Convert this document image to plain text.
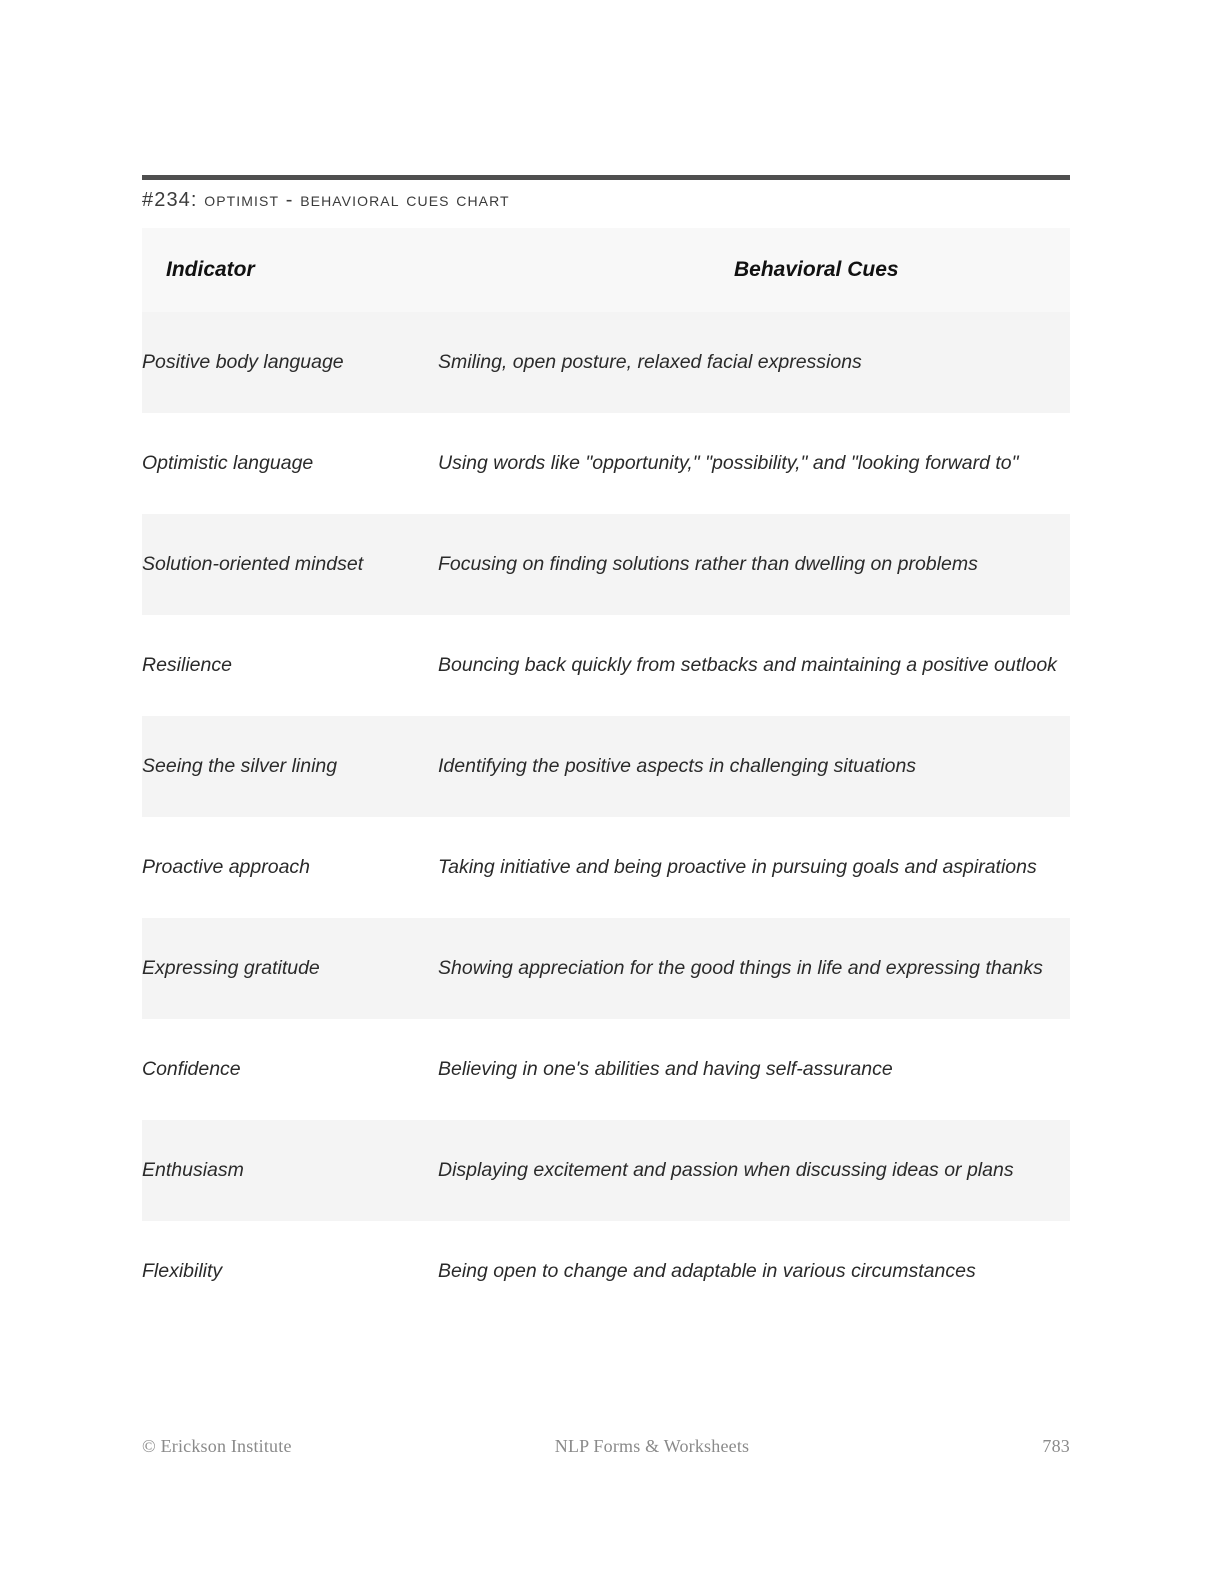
#234: optimist - behavioral cues chart
Indicator	Behavioral Cues
Positive body language	Smiling, open posture, relaxed facial expressions
Optimistic language	Using words like "opportunity," "possibility," and "looking forward to"
Solution-oriented mindset	Focusing on finding solutions rather than dwelling on problems
Resilience	Bouncing back quickly from setbacks and maintaining a positive outlook
Seeing the silver lining	Identifying the positive aspects in challenging situations
Proactive approach	Taking initiative and being proactive in pursuing goals and aspirations
Expressing gratitude	Showing appreciation for the good things in life and expressing thanks
Confidence	Believing in one's abilities and having self-assurance
Enthusiasm	Displaying excitement and passion when discussing ideas or plans
Flexibility	Being open to change and adaptable in various circumstances
© Erickson Institute	NLP Forms & Worksheets	783
